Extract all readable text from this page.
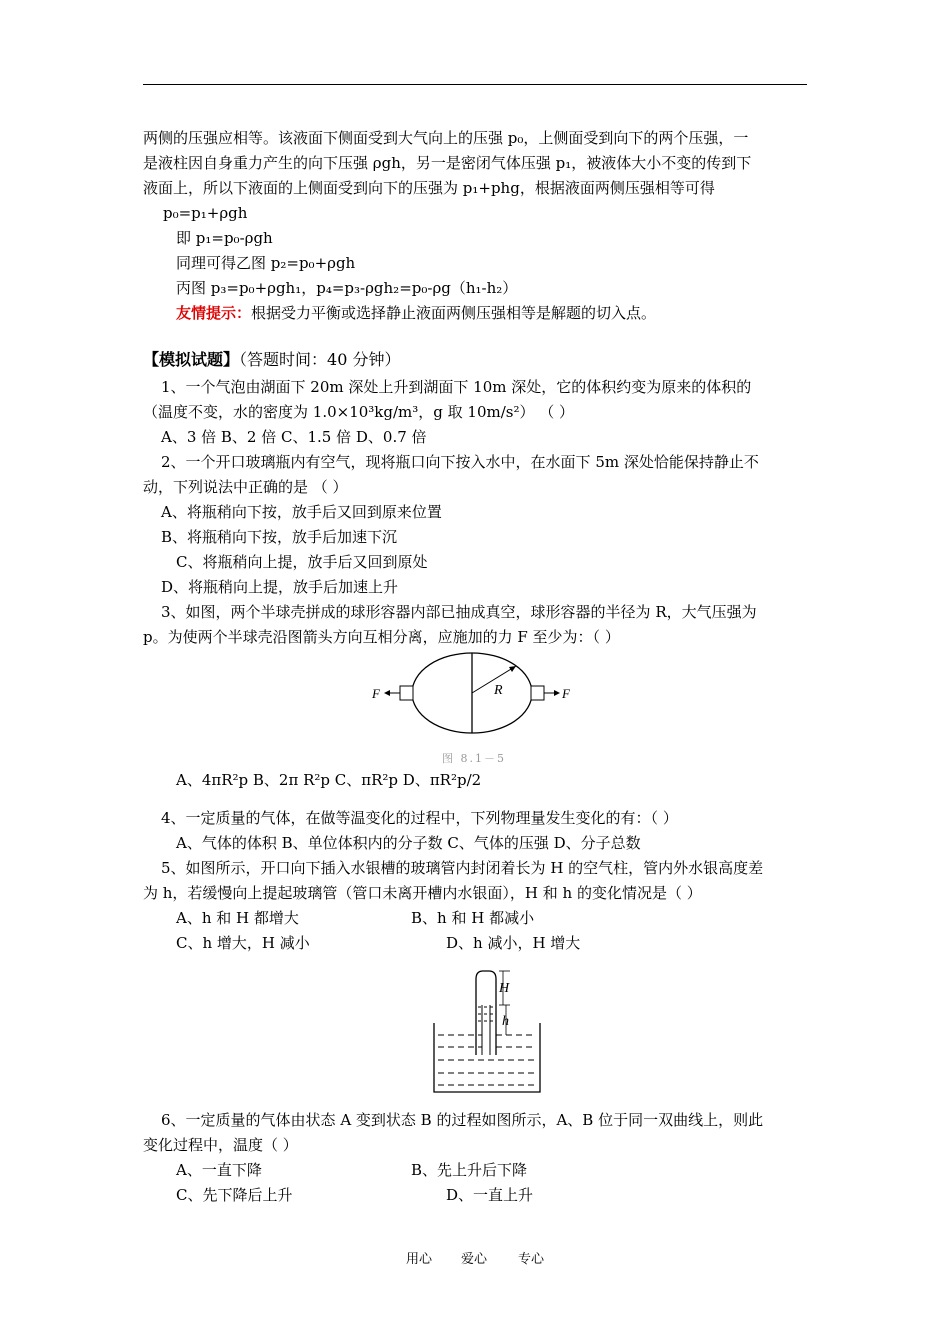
两侧的压强应相等。该液面下侧面受到大气向上的压强 p₀，上侧面受到向下的两个压强，一
是液柱因自身重力产生的向下压强 ρgh，另一是密闭气体压强 p₁，被液体大小不变的传到下
液面上，所以下液面的上侧面受到向下的压强为 p₁+phg，根据液面两侧压强相等可得
p₀=p₁+ρgh
即 p₁=p₀-ρgh
同理可得乙图 p₂=p₀+ρgh
丙图 p₃=p₀+ρgh₁，p₄=p₃-ρgh₂=p₀-ρg（h₁-h₂）
友情提示：根据受力平衡或选择静止液面两侧压强相等是解题的切入点。
【模拟试题】（答题时间：40 分钟）
1、一个气泡由湖面下 20m 深处上升到湖面下 10m 深处，它的体积约变为原来的体积的
（温度不变，水的密度为 1.0×10³kg/m³，g 取 10m/s²） （ ）
A、3 倍 B、2 倍 C、1.5 倍 D、0.7 倍
2、一个开口玻璃瓶内有空气，现将瓶口向下按入水中，在水面下 5m 深处恰能保持静止不
动，下列说法中正确的是 （ ）
A、将瓶稍向下按，放手后又回到原来位置
B、将瓶稍向下按，放手后加速下沉
C、将瓶稍向上提，放手后又回到原处
D、将瓶稍向上提，放手后加速上升
3、如图，两个半球壳拼成的球形容器内部已抽成真空，球形容器的半径为 R，大气压强为
p。为使两个半球壳沿图箭头方向互相分离，应施加的力 F 至少为：（ ）
R
F	F
图 8.1－5
A、4πR²p B、2π R²p C、πR²p D、πR²p/2
4、一定质量的气体，在做等温变化的过程中，下列物理量发生变化的有：（ ）
A、气体的体积 B、单位体积内的分子数 C、气体的压强 D、分子总数
5、如图所示，开口向下插入水银槽的玻璃管内封闭着长为 H 的空气柱，管内外水银高度差
为 h，若缓慢向上提起玻璃管（管口未离开槽内水银面），H 和 h 的变化情况是（ ）
A、h 和 H 都增大	B、h 和 H 都减小
C、h 增大，H 减小	D、h 减小，H 增大
H
h
6、一定质量的气体由状态 A 变到状态 B 的过程如图所示，A、B 位于同一双曲线上，则此
变化过程中，温度（ ）
A、一直下降	B、先上升后下降
C、先下降后上升	D、一直上升
用心 爱心 专心
